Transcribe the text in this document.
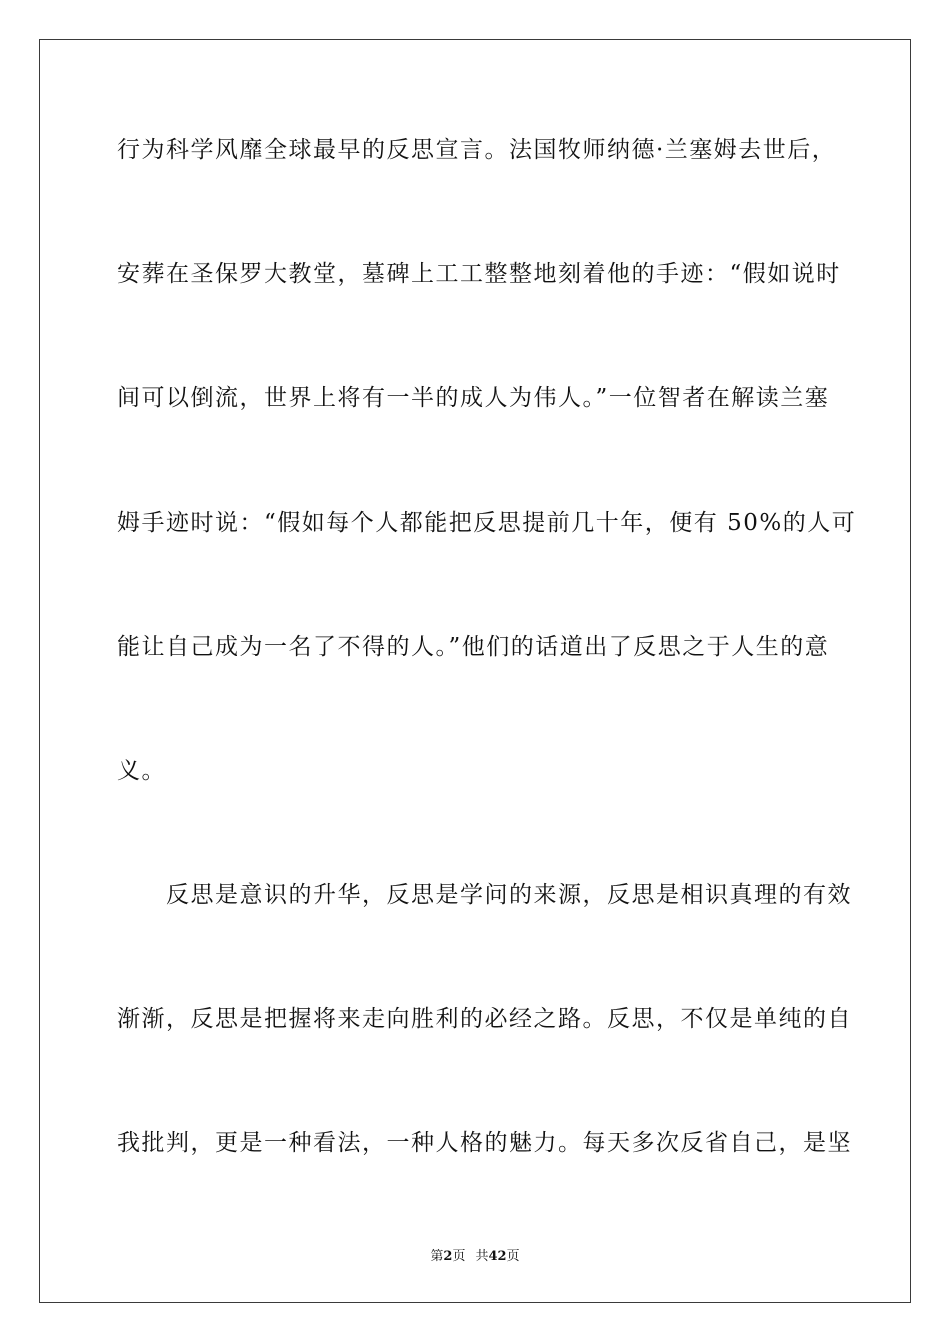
行为科学风靡全球最早的反思宣言。法国牧师纳德·兰塞姆去世后，
安葬在圣保罗大教堂，墓碑上工工整整地刻着他的手迹：“假如说时
间可以倒流，世界上将有一半的成人为伟人。”一位智者在解读兰塞
姆手迹时说：“假如每个人都能把反思提前几十年，便有 50%的人可
能让自己成为一名了不得的人。”他们的话道出了反思之于人生的意
义。
　　反思是意识的升华，反思是学问的来源，反思是相识真理的有效
渐渐，反思是把握将来走向胜利的必经之路。反思，不仅是单纯的自
我批判，更是一种看法，一种人格的魅力。每天多次反省自己，是坚
第2页 共42页
